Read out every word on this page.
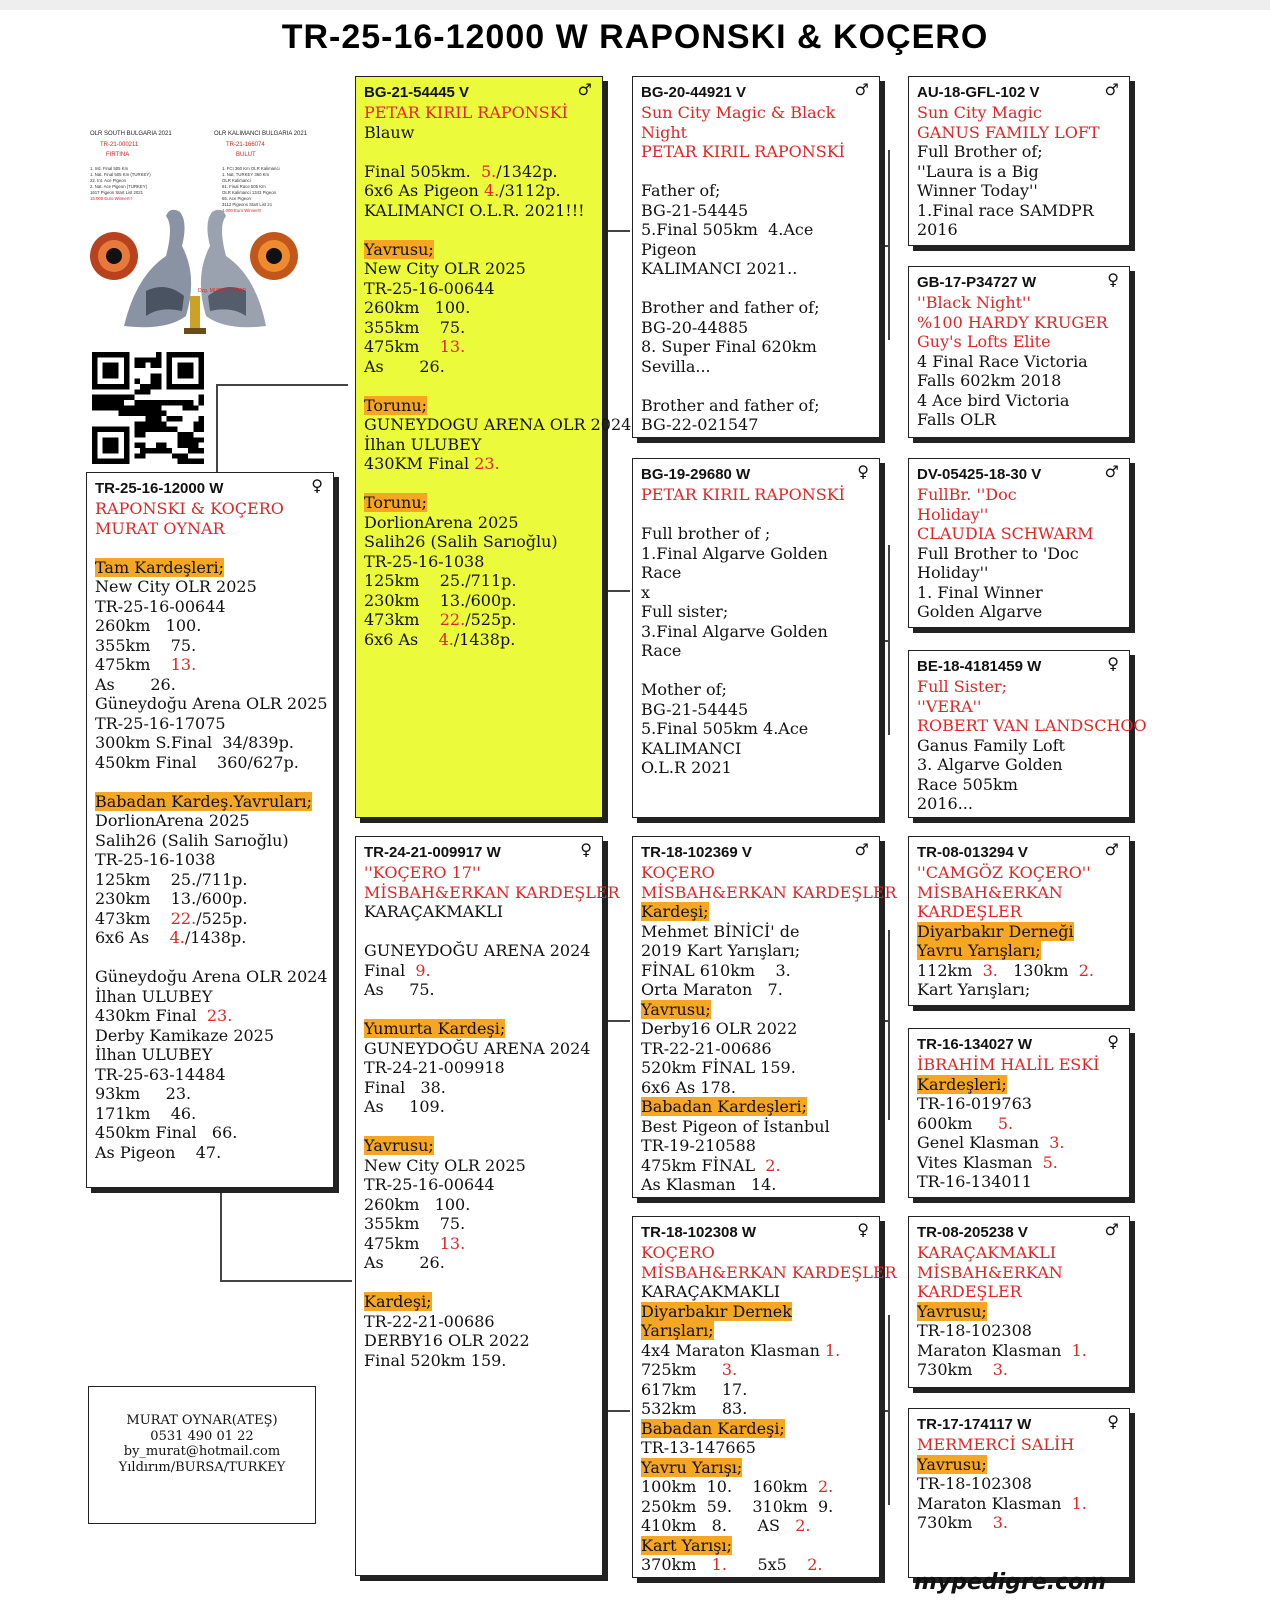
TR-25-16-12000 W RAPONSKI & KOÇERO
OLR SOUTH BULGARIA 2021
TR-21-000211
FIRTINA
1. Intl. Final 505 Km
1. Nat. Final 505 Km (TURKEY)
22. Int. Ace Pigeon
2. Nat. Ace Pigeon (TURKEY)
1617 Pigeon Start List 2021
15.000 Euro Winner!!!
OLR KALIMANCI BULGARIA 2021
TR-21-166074
BULUT
1. FCI 360 Km OLR Kalimanci
1. Nat. TURKEY 360 Km
OLR Kalimanci
81. Final Race 505 Km
OLR Kalimanci 1343 Pigeon
65. Ace Pigeon
3112 Pigeons Start List 21
4.000 Euro Winner!!!
Dzg. MURAT OYNAR
TR-25-16-12000 W	♀
RAPONSKI & KOÇERO
MURAT OYNAR
Tam Kardeşleri;
New City OLR 2025
TR-25-16-00644
260km   100.
355km    75.
475km    13.
As       26.
Güneydoğu Arena OLR 2025
TR-25-16-17075
300km S.Final  34/839p.
450km Final    360/627p.
Babadan Kardeş.Yavruları;
DorlionArena 2025
Salih26 (Salih Sarıoğlu)
TR-25-16-1038
125km    25./711p.
230km    13./600p.
473km    22./525p.
6x6 As    4./1438p.
Güneydoğu Arena OLR 2024
İlhan ULUBEY
430km Final  23.
Derby Kamikaze 2025
İlhan ULUBEY
TR-25-63-14484
93km     23.
171km    46.
450km Final   66.
As Pigeon    47.
BG-21-54445 V	♂
PETAR KIRIL RAPONSKİ
Blauw
Final 505km.  5./1342p.
6x6 As Pigeon 4./3112p.
KALIMANCI O.L.R. 2021!!!
Yavrusu;
New City OLR 2025
TR-25-16-00644
260km   100.
355km    75.
475km    13.
As       26.
Torunu;
GUNEYDOGU ARENA OLR 2024
İlhan ULUBEY
430KM Final 23.
Torunu;
DorlionArena 2025
Salih26 (Salih Sarıoğlu)
TR-25-16-1038
125km    25./711p.
230km    13./600p.
473km    22./525p.
6x6 As    4./1438p.
TR-24-21-009917 W	♀
''KOÇERO 17''
MİSBAH&ERKAN KARDEŞLER
KARAÇAKMAKLI
GUNEYDOĞU ARENA 2024
Final  9.
As     75.
Yumurta Kardeşi;
GUNEYDOĞU ARENA 2024
TR-24-21-009918
Final   38.
As     109.
Yavrusu;
New City OLR 2025
TR-25-16-00644
260km   100.
355km    75.
475km    13.
As       26.
Kardeşi;
TR-22-21-00686
DERBY16 OLR 2022
Final 520km 159.
BG-20-44921 V	♂
Sun City Magic & Black
Night
PETAR KIRIL RAPONSKİ
Father of;
BG-21-54445
5.Final 505km  4.Ace
Pigeon
KALIMANCI 2021..
Brother and father of;
BG-20-44885
8. Super Final 620km
Sevilla...
Brother and father of;
BG-22-021547
BG-19-29680 W	♀
PETAR KIRIL RAPONSKİ
Full brother of ;
1.Final Algarve Golden
Race
x
Full sister;
3.Final Algarve Golden
Race
Mother of;
BG-21-54445
5.Final 505km 4.Ace
KALIMANCI
O.L.R 2021
TR-18-102369 V	♂
KOÇERO
MİSBAH&ERKAN KARDEŞLER
Kardeşi;
Mehmet BİNİCİ' de
2019 Kart Yarışları;
FİNAL 610km    3.
Orta Maraton   7.
Yavrusu;
Derby16 OLR 2022
TR-22-21-00686
520km FİNAL 159.
6x6 As 178.
Babadan Kardeşleri;
Best Pigeon of İstanbul
TR-19-210588
475km FİNAL  2.
As Klasman   14.
TR-18-102308 W	♀
KOÇERO
MİSBAH&ERKAN KARDEŞLER
KARAÇAKMAKLI
Diyarbakır Dernek
Yarışları;
4x4 Maraton Klasman 1.
725km     3.
617km     17.
532km     83.
Babadan Kardeşi;
TR-13-147665
Yavru Yarışı;
100km  10.    160km  2.
250km  59.    310km  9.
410km   8.      AS   2.
Kart Yarışı;
370km   1.      5x5    2.
AU-18-GFL-102 V	♂
Sun City Magic
GANUS FAMILY LOFT
Full Brother of;
''Laura is a Big
Winner Today''
1.Final race SAMDPR
2016
GB-17-P34727 W	♀
''Black Night''
%100 HARDY KRUGER
Guy's Lofts Elite
4 Final Race Victoria
Falls 602km 2018
4 Ace bird Victoria
Falls OLR
DV-05425-18-30 V	♂
FullBr. ''Doc
Holiday''
CLAUDIA SCHWARM
Full Brother to 'Doc
Holiday''
1. Final Winner
Golden Algarve
BE-18-4181459 W	♀
Full Sister;
''VERA''
ROBERT VAN LANDSCHOO
Ganus Family Loft
3. Algarve Golden
Race 505km
2016...
TR-08-013294 V	♂
''CAMGÖZ KOÇERO''
MİSBAH&ERKAN
KARDEŞLER
Diyarbakır Derneği
Yavru Yarışları;
112km  3.   130km  2.
Kart Yarışları;
TR-16-134027 W	♀
İBRAHİM HALİL ESKİ
Kardeşleri;
TR-16-019763
600km     5.
Genel Klasman  3.
Vites Klasman  5.
TR-16-134011
TR-08-205238 V	♂
KARAÇAKMAKLI
MİSBAH&ERKAN
KARDEŞLER
Yavrusu;
TR-18-102308
Maraton Klasman  1.
730km    3.
TR-17-174117 W	♀
MERMERCİ SALİH
Yavrusu;
TR-18-102308
Maraton Klasman  1.
730km    3.
MURAT OYNAR(ATEŞ)
0531 490 01 22
by_murat@hotmail.com
Yıldırım/BURSA/TURKEY
mypedigre.com
